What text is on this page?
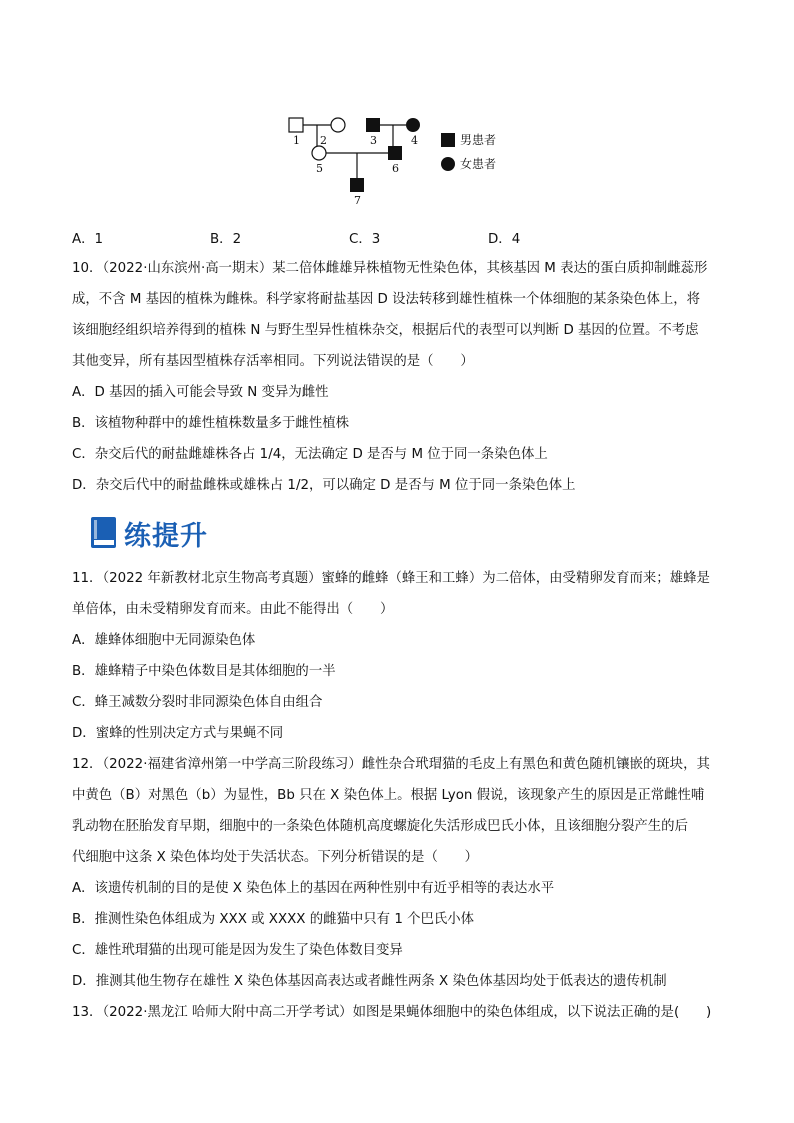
1 2	3	4
5	6
7
男患者
女患者
A．1	B．2	C．3	D．4
10．（2022·山东滨州·高一期末）某二倍体雌雄异株植物无性染色体，其核基因 M 表达的蛋白质抑制雌蕊形
成，不含 M 基因的植株为雌株。科学家将耐盐基因 D 设法转移到雄性植株一个体细胞的某条染色体上，将
该细胞经组织培养得到的植株 N 与野生型异性植株杂交，根据后代的表型可以判断 D 基因的位置。不考虑
其他变异，所有基因型植株存活率相同。下列说法错误的是（　　）
A．D 基因的插入可能会导致 N 变异为雌性
B．该植物种群中的雄性植株数量多于雌性植株
C．杂交后代的耐盐雌雄株各占 1/4，无法确定 D 是否与 M 位于同一条染色体上
D．杂交后代中的耐盐雌株或雄株占 1/2，可以确定 D 是否与 M 位于同一条染色体上
练提升
11．（2022 年新教材北京生物高考真题）蜜蜂的雌蜂（蜂王和工蜂）为二倍体，由受精卵发育而来；雄蜂是
单倍体，由未受精卵发育而来。由此不能得出（　　）
A．雄蜂体细胞中无同源染色体
B．雄蜂精子中染色体数目是其体细胞的一半
C．蜂王减数分裂时非同源染色体自由组合
D．蜜蜂的性别决定方式与果蝇不同
12．（2022·福建省漳州第一中学高三阶段练习）雌性杂合玳瑁猫的毛皮上有黑色和黄色随机镶嵌的斑块，其
中黄色（B）对黑色（b）为显性，Bb 只在 X 染色体上。根据 Lyon 假说，该现象产生的原因是正常雌性哺
乳动物在胚胎发育早期，细胞中的一条染色体随机高度螺旋化失活形成巴氏小体，且该细胞分裂产生的后
代细胞中这条 X 染色体均处于失活状态。下列分析错误的是（　　）
A．该遗传机制的目的是使 X 染色体上的基因在两种性别中有近乎相等的表达水平
B．推测性染色体组成为 XXX 或 XXXX 的雌猫中只有 1 个巴氏小体
C．雄性玳瑁猫的出现可能是因为发生了染色体数目变异
D．推测其他生物存在雄性 X 染色体基因高表达或者雌性两条 X 染色体基因均处于低表达的遗传机制
13．（2022·黑龙江 哈师大附中高二开学考试）如图是果蝇体细胞中的染色体组成，以下说法正确的是(　　)
